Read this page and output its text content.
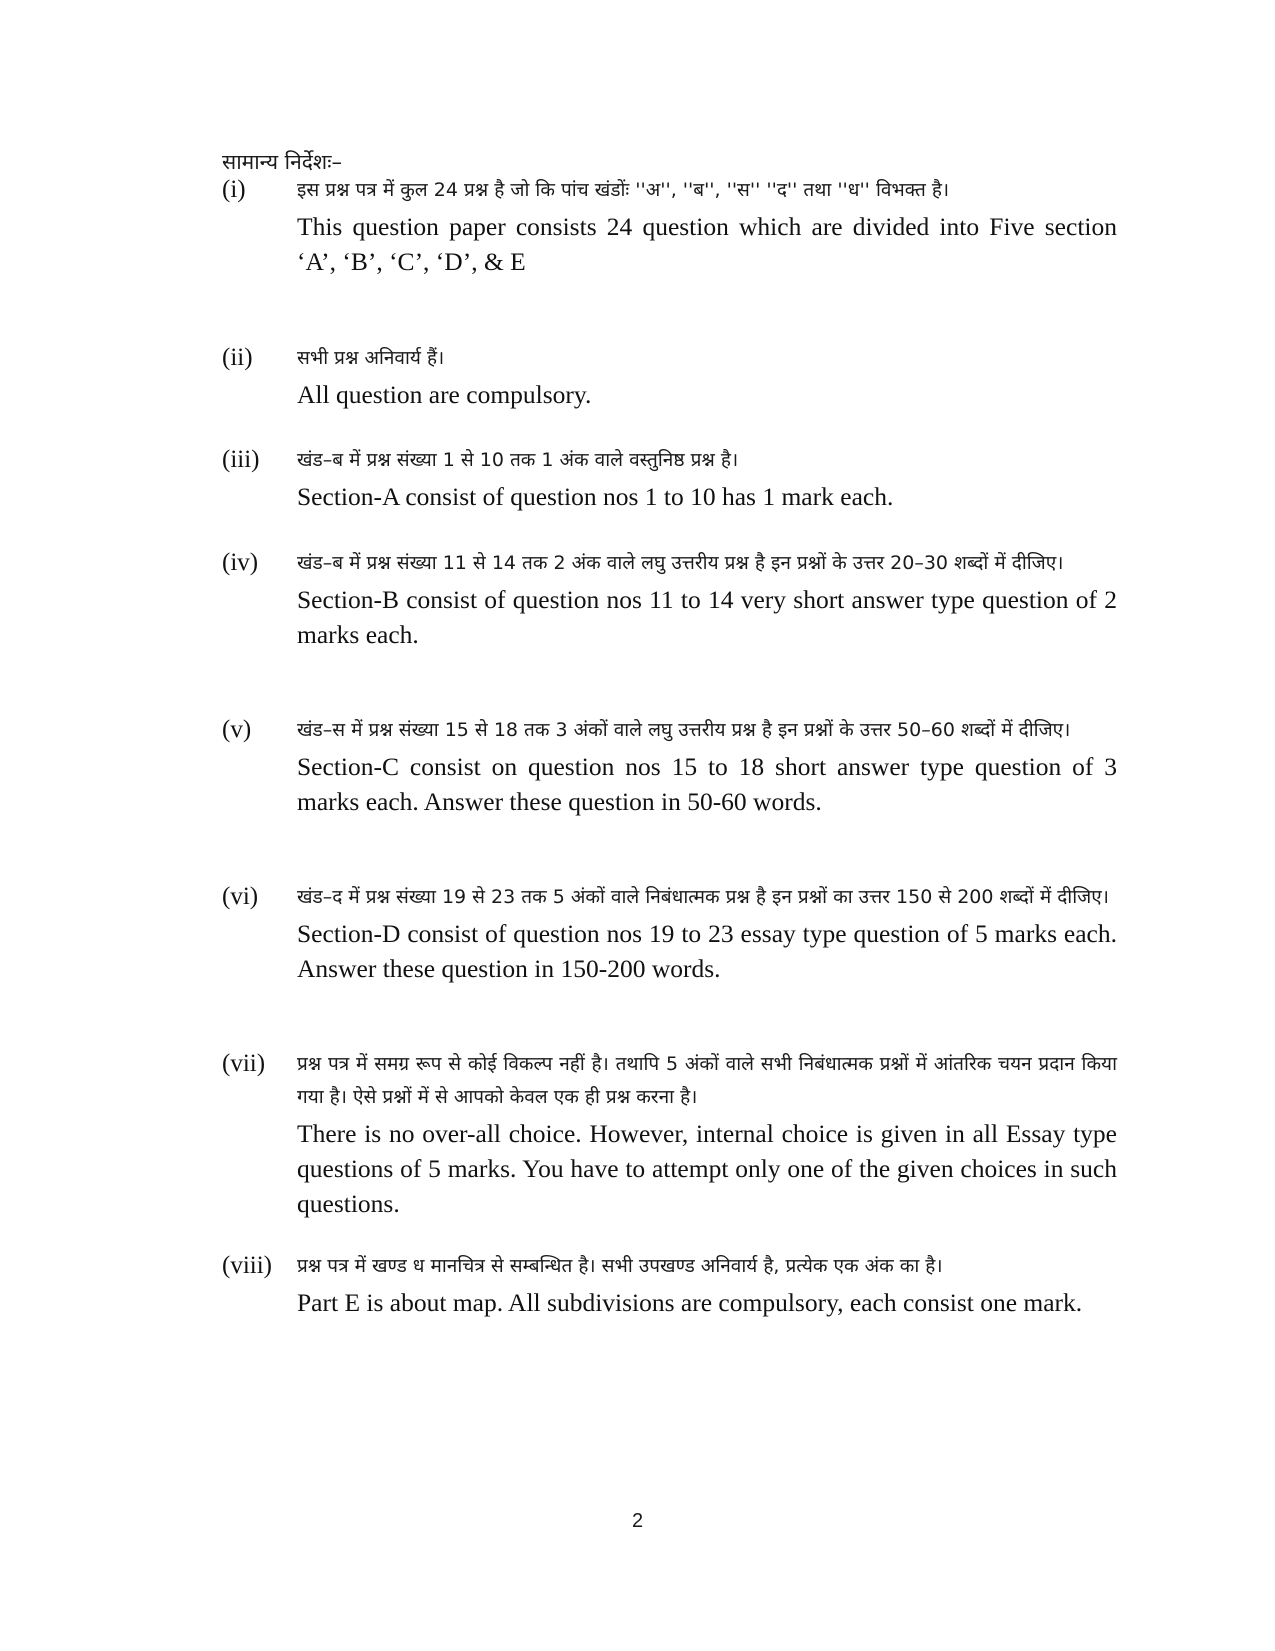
सामान्य निर्देशः–
(i)	इस प्रश्न पत्र में कुल 24 प्रश्न है जो कि पांच खंडोंः ''अ'', ''ब'', ''स'' ''द'' तथा ''ध'' विभक्त है।

This question paper consists 24 question which are divided into Five section ‘A’, ‘B’, ‘C’, ‘D’, & E

(ii) सभी प्रश्न अनिवार्य हैं।

All question are compulsory.

(iii) खंड–ब में प्रश्न संख्या 1 से 10 तक 1 अंक वाले वस्तुनिष्ठ प्रश्न है।

Section-A consist of question nos 1 to 10 has 1 mark each.

(iv) खंड–ब में प्रश्न संख्या 11 से 14 तक 2 अंक वाले लघु उत्तरीय प्रश्न है इन प्रश्नों के उत्तर 20–30 शब्दों में दीजिए।

Section-B consist of question nos 11 to 14 very short answer type question of 2 marks each.

(v) खंड–स में प्रश्न संख्या 15 से 18 तक 3 अंकों वाले लघु उत्तरीय प्रश्न है इन प्रश्नों के उत्तर 50–60 शब्दों में दीजिए।

Section-C consist on question nos 15 to 18 short answer type question of 3 marks each. Answer these question in 50-60 words.

(vi) खंड–द में प्रश्न संख्या 19 से 23 तक 5 अंकों वाले निबंधात्मक प्रश्न है इन प्रश्नों का उत्तर 150 से 200 शब्दों में दीजिए।

Section-D consist of question nos 19 to 23 essay type question of 5 marks each. Answer these question in 150-200 words.

(vii) प्रश्न पत्र में समग्र रूप से कोई विकल्प नहीं है। तथापि 5 अंकों वाले सभी निबंधात्मक प्रश्नों में आंतरिक चयन प्रदान किया गया है। ऐसे प्रश्नों में से आपको केवल एक ही प्रश्न करना है।

There is no over-all choice. However, internal choice is given in all Essay type questions of 5 marks. You have to attempt only one of the given choices in such questions.

(viii) प्रश्न पत्र में खण्ड ध मानचित्र से सम्बन्धित है। सभी उपखण्ड अनिवार्य है, प्रत्येक एक अंक का है।

Part E is about map. All subdivisions are compulsory, each consist one mark.

2
